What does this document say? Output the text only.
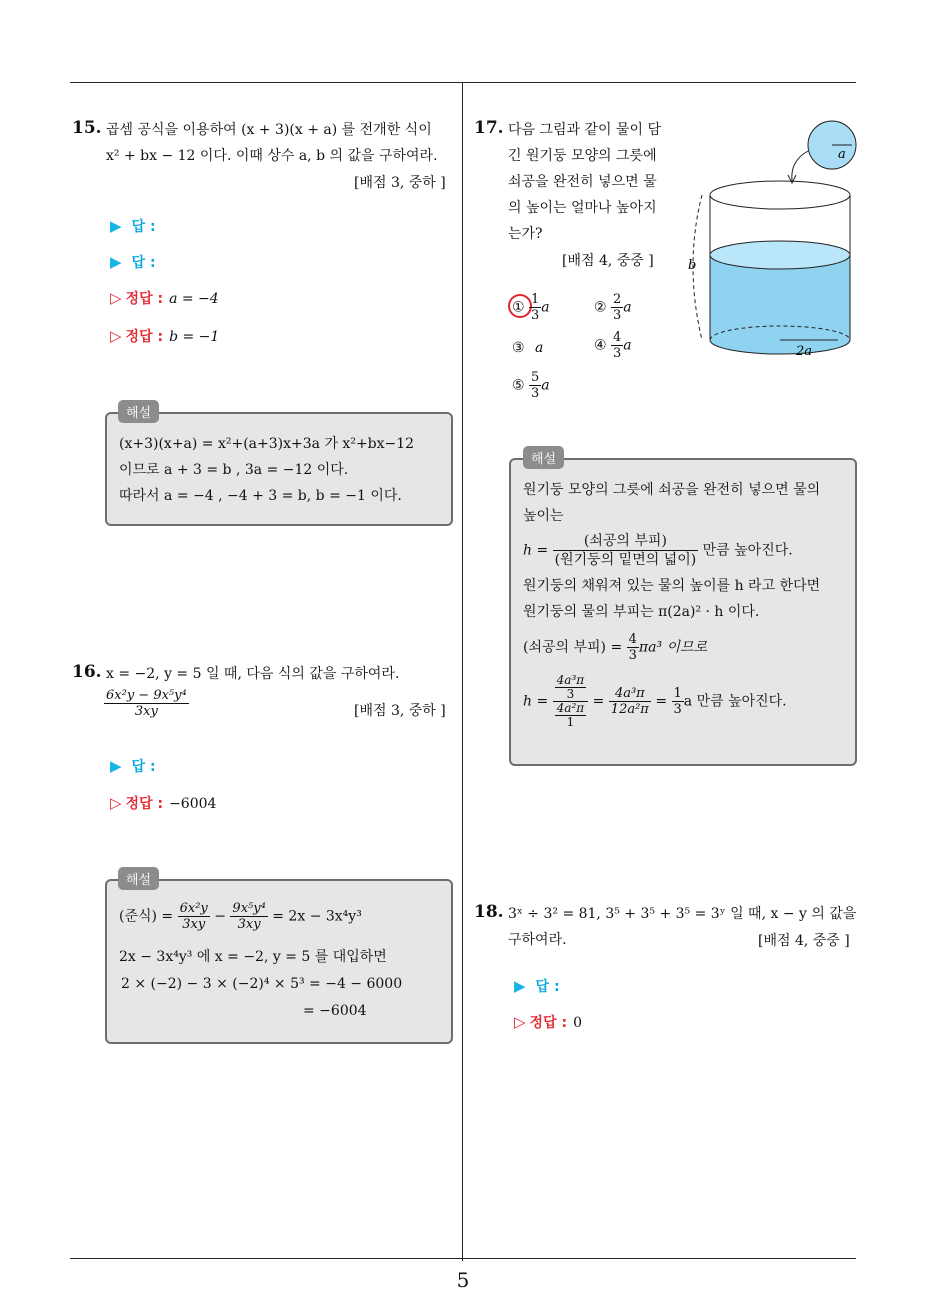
15. 곱셈 공식을 이용하여 (x + 3)(x + a) 를 전개한 식이
x² + bx − 12 이다. 이때 상수 a, b 의 값을 구하여라.
[배점 3, 중하 ]
▶ 답 :
▶ 답 :
▷ 정답 : a = −4
▷ 정답 : b = −1
(x+3)(x+a) = x²+(a+3)x+3a 가 x²+bx−12
이므로 a + 3 = b , 3a = −12 이다.
따라서 a = −4 , −4 + 3 = b, b = −1 이다.
해설
16. x = −2, y = 5 일 때, 다음 식의 값을 구하여라.
$\frac{\text{6x²y − 9x⁵y⁴}}{3xy}$	[배점 3, 중하 ]
▶ 답 :
▷ 정답 : −6004
(준식) = $\frac{\text{6x²y}}{3xy} - \frac{\text{9x⁵y⁴}}{3xy} = 2x - 3x^4y^3$
2x − 3x⁴y³ 에 x = −2, y = 5 를 대입하면
2 × (−2) − 3 × (−2)⁴ × 5³ = −4 − 6000
= −6004
해설
17. 다음 그림과 같이 물이 담
긴 원기둥 모양의 그릇에
쇠공을 완전히 넣으면 물
의 높이는 얼마나 높아지
는가?
[배점 4, 중중 ]
① $\frac{1}{3}$ a	② $\frac{2}{3}$ a
③ a	④ $\frac{4}{3}$ a
⑤ $\frac{5}{3}$ a
2a
b
a
원기둥 모양의 그릇에 쇠공을 완전히 넣으면 물의
높이는
$h = \frac{\text{(쇠공의 부피)}}{\text{(원기둥의 밑면의 넓이)}}$ 만큼 높아진다.
원기둥의 채워져 있는 물의 높이를 h 라고 한다면
원기둥의 물의 부피는 π(2a)² · h 이다.
(쇠공의 부피) = $\frac{4}{3} \pi a^3$ 이므로
$h = \frac{\frac{\text{4a³π}}{3}}{\frac{\text{4a²π}}{1}} = \frac{\text{4a³π}}{\text{12a²π}} = \frac{1}{3}$ a 만큼 높아진다.
해설
18. 3ˣ ÷ 3² = 81, 3⁵ + 3⁵ + 3⁵ = 3ʸ 일 때, x − y 의 값을
구하여라.	[배점 4, 중중 ]
▶ 답 :
▷ 정답 : 0
5
